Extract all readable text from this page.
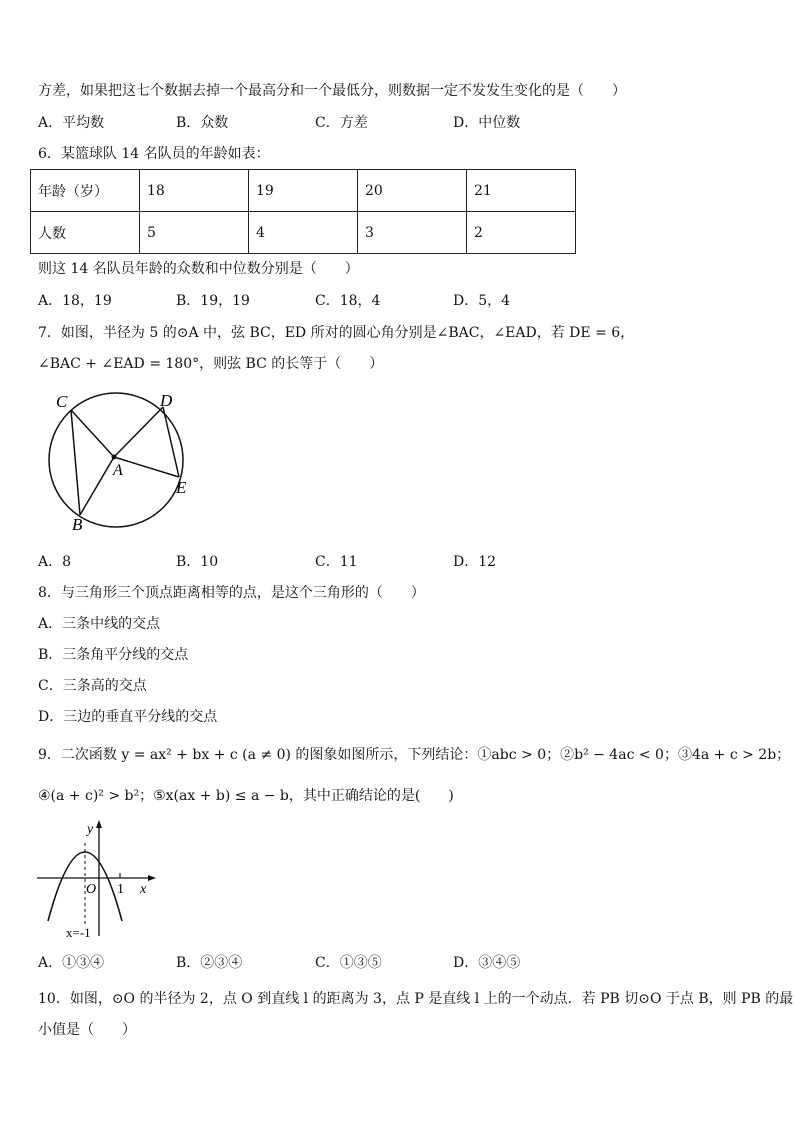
方差，如果把这七个数据去掉一个最高分和一个最低分，则数据一定不发发生变化的是（　　）
A．平均数	B．众数	C．方差	D．中位数
6．某篮球队 14 名队员的年龄如表：
年龄（岁）	18	19	20	21
人数	5	4	3	2
则这 14 名队员年龄的众数和中位数分别是（　　）
A．18，19	B．19，19	C．18，4	D．5，4
7．如图，半径为 5 的⊙A 中，弦 BC，ED 所对的圆心角分别是∠BAC，∠EAD，若 DE = 6，
∠BAC + ∠EAD = 180°，则弦 BC 的长等于（　　）
C	D
A
E
B
A．8	B．10	C．11	D．12
8．与三角形三个顶点距离相等的点，是这个三角形的（　　）
A．三条中线的交点
B．三条角平分线的交点
C．三条高的交点
D．三边的垂直平分线的交点
9．二次函数 y = ax² + bx + c (a ≠ 0) 的图象如图所示，下列结论：①abc > 0；②b² − 4ac < 0；③4a + c > 2b；
④(a + c)² > b²；⑤x(ax + b) ≤ a − b，其中正确结论的是(　　)
y
O 1 x
x=-1
A．①③④	B．②③④	C．①③⑤	D．③④⑤
10．如图，⊙O 的半径为 2，点 O 到直线 l 的距离为 3，点 P 是直线 l 上的一个动点．若 PB 切⊙O 于点 B，则 PB 的最
小值是（　　）
